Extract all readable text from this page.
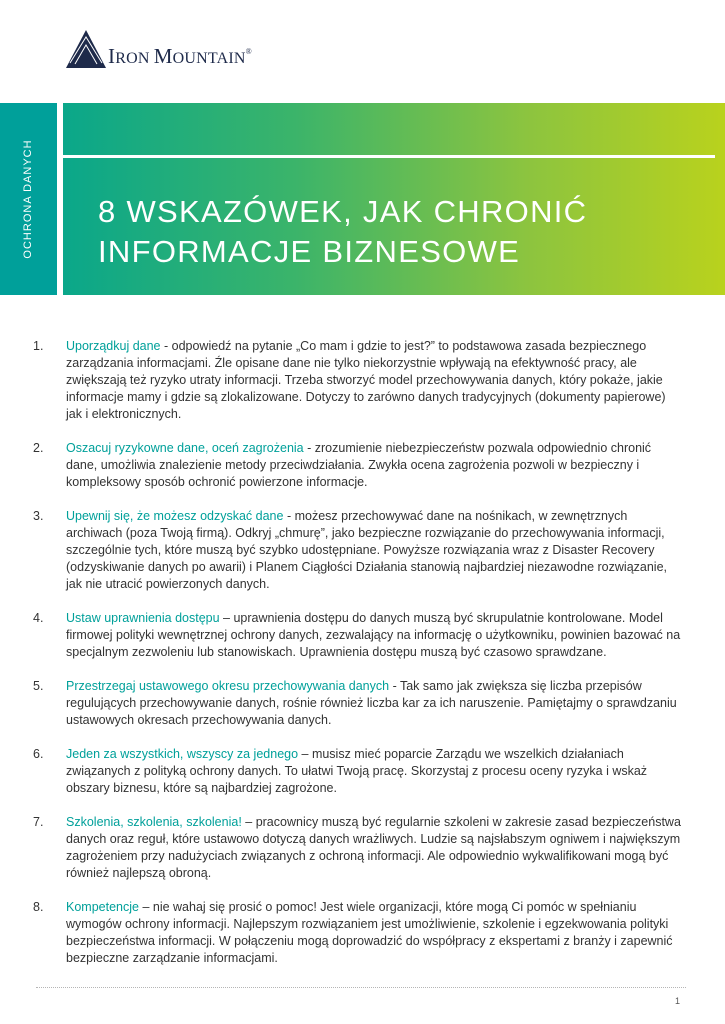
IRON MOUNTAIN®
OCHRONA DANYCH 8 WSKAZÓWEK, JAK CHRONIĆ
INFORMACJE BIZNESOWE
1. Uporządkuj dane - odpowiedź na pytanie „Co mam i gdzie to jest?” to podstawowa zasada bezpiecznego zarządzania informacjami. Źle opisane dane nie tylko niekorzystnie wpływają na efektywność pracy, ale zwiększają też ryzyko utraty informacji. Trzeba stworzyć model przechowywania danych, który pokaże, jakie informacje mamy i gdzie są zlokalizowane. Dotyczy to zarówno danych tradycyjnych (dokumenty papierowe) jak i elektronicznych.
2. Oszacuj ryzykowne dane, oceń zagrożenia - zrozumienie niebezpieczeństw pozwala odpowiednio chronić dane, umożliwia znalezienie metody przeciwdziałania. Zwykła ocena zagrożenia pozwoli w bezpieczny i kompleksowy sposób ochronić powierzone informacje.
3. Upewnij się, że możesz odzyskać dane - możesz przechowywać dane na nośnikach, w zewnętrznych archiwach (poza Twoją firmą). Odkryj „chmurę”, jako bezpieczne rozwiązanie do przechowywania informacji, szczególnie tych, które muszą być szybko udostępniane. Powyższe rozwiązania wraz z Disaster Recovery (odzyskiwanie danych po awarii) i Planem Ciągłości Działania stanowią najbardziej niezawodne rozwiązanie, jak nie utracić powierzonych danych.
4. Ustaw uprawnienia dostępu – uprawnienia dostępu do danych muszą być skrupulatnie kontrolowane. Model firmowej polityki wewnętrznej ochrony danych, zezwalający na informację o użytkowniku, powinien bazować na specjalnym zezwoleniu lub stanowiskach. Uprawnienia dostępu muszą być czasowo sprawdzane.
5. Przestrzegaj ustawowego okresu przechowywania danych - Tak samo jak zwiększa się liczba przepisów regulujących przechowywanie danych, rośnie również liczba kar za ich naruszenie. Pamiętajmy o sprawdzaniu ustawowych okresach przechowywania danych.
6. Jeden za wszystkich, wszyscy za jednego – musisz mieć poparcie Zarządu we wszelkich działaniach związanych z polityką ochrony danych. To ułatwi Twoją pracę. Skorzystaj z procesu oceny ryzyka i wskaż obszary biznesu, które są najbardziej zagrożone.
7. Szkolenia, szkolenia, szkolenia! – pracownicy muszą być regularnie szkoleni w zakresie zasad bezpieczeństwa danych oraz reguł, które ustawowo dotyczą danych wrażliwych. Ludzie są najsłabszym ogniwem i największym zagrożeniem przy nadużyciach związanych z ochroną informacji. Ale odpowiednio wykwalifikowani mogą być również najlepszą obroną.
8. Kompetencje – nie wahaj się prosić o pomoc! Jest wiele organizacji, które mogą Ci pomóc w spełnianiu wymogów ochrony informacji. Najlepszym rozwiązaniem jest umożliwienie, szkolenie i egzekwowania polityki bezpieczeństwa informacji. W połączeniu mogą doprowadzić do współpracy z ekspertami z branży i zapewnić bezpieczne zarządzanie informacjami.
1
